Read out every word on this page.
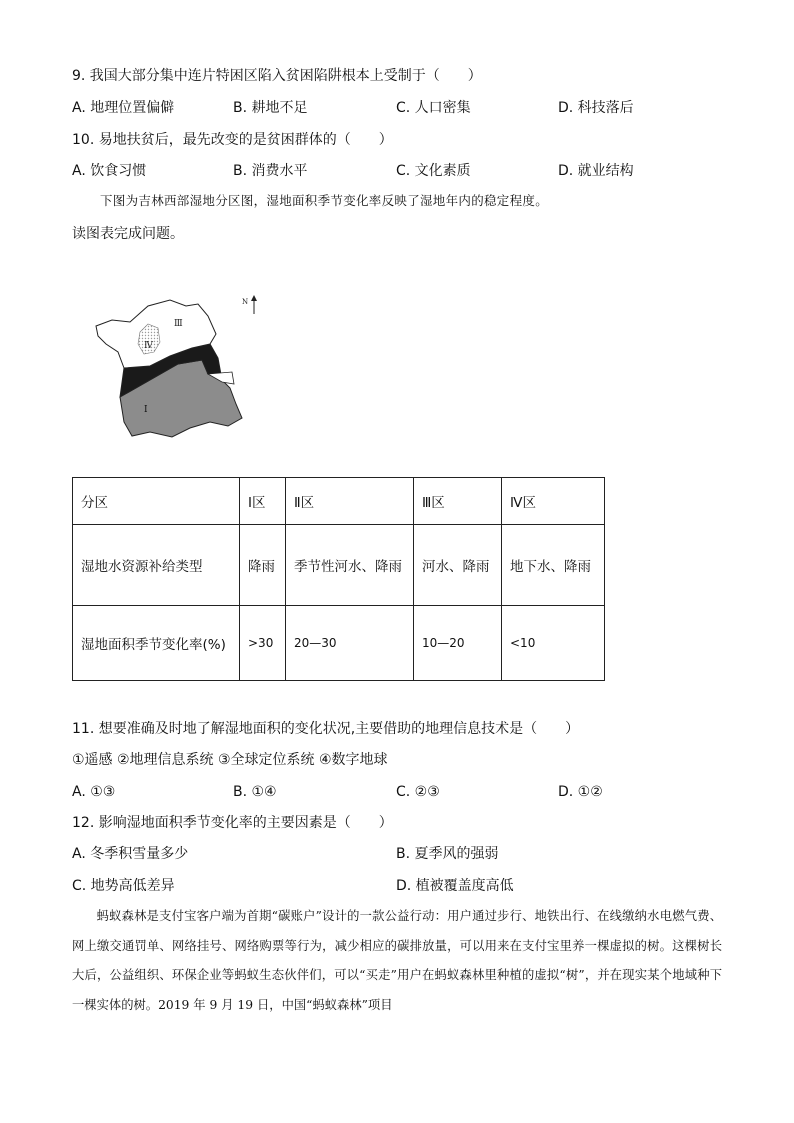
9. 我国大部分集中连片特困区陷入贫困陷阱根本上受制于（　　）
A. 地理位置偏僻	B. 耕地不足	C. 人口密集	D. 科技落后
10. 易地扶贫后，最先改变的是贫困群体的（　　）
A. 饮食习惯	B. 消费水平	C. 文化素质	D. 就业结构
下图为吉林西部湿地分区图，湿地面积季节变化率反映了湿地年内的稳定程度。
读图表完成问题。
Ⅲ
Ⅳ
Ⅰ
N
分区	Ⅰ区	Ⅱ区	Ⅲ区	Ⅳ区
湿地水资源补给类型	降雨	季节性河水、降雨	河水、降雨	地下水、降雨
湿地面积季节变化率(%)	>30	20—30	10—20	<10
11. 想要准确及时地了解湿地面积的变化状况,主要借助的地理信息技术是（　　）
①遥感 ②地理信息系统 ③全球定位系统 ④数字地球
A. ①③	B. ①④	C. ②③	D. ①②
12. 影响湿地面积季节变化率的主要因素是（　　）
A. 冬季积雪量多少	B. 夏季风的强弱
C. 地势高低差异	D. 植被覆盖度高低
蚂蚁森林是支付宝客户端为首期“碳账户”设计的一款公益行动：用户通过步行、地铁出行、在线缴纳水电燃气费、网上缴交通罚单、网络挂号、网络购票等行为，减少相应的碳排放量，可以用来在支付宝里养一棵虚拟的树。这棵树长大后，公益组织、环保企业等蚂蚁生态伙伴们，可以“买走”用户在蚂蚁森林里种植的虚拟“树”，并在现实某个地域种下一棵实体的树。2019 年 9 月 19 日，中国“蚂蚁森林”项目
